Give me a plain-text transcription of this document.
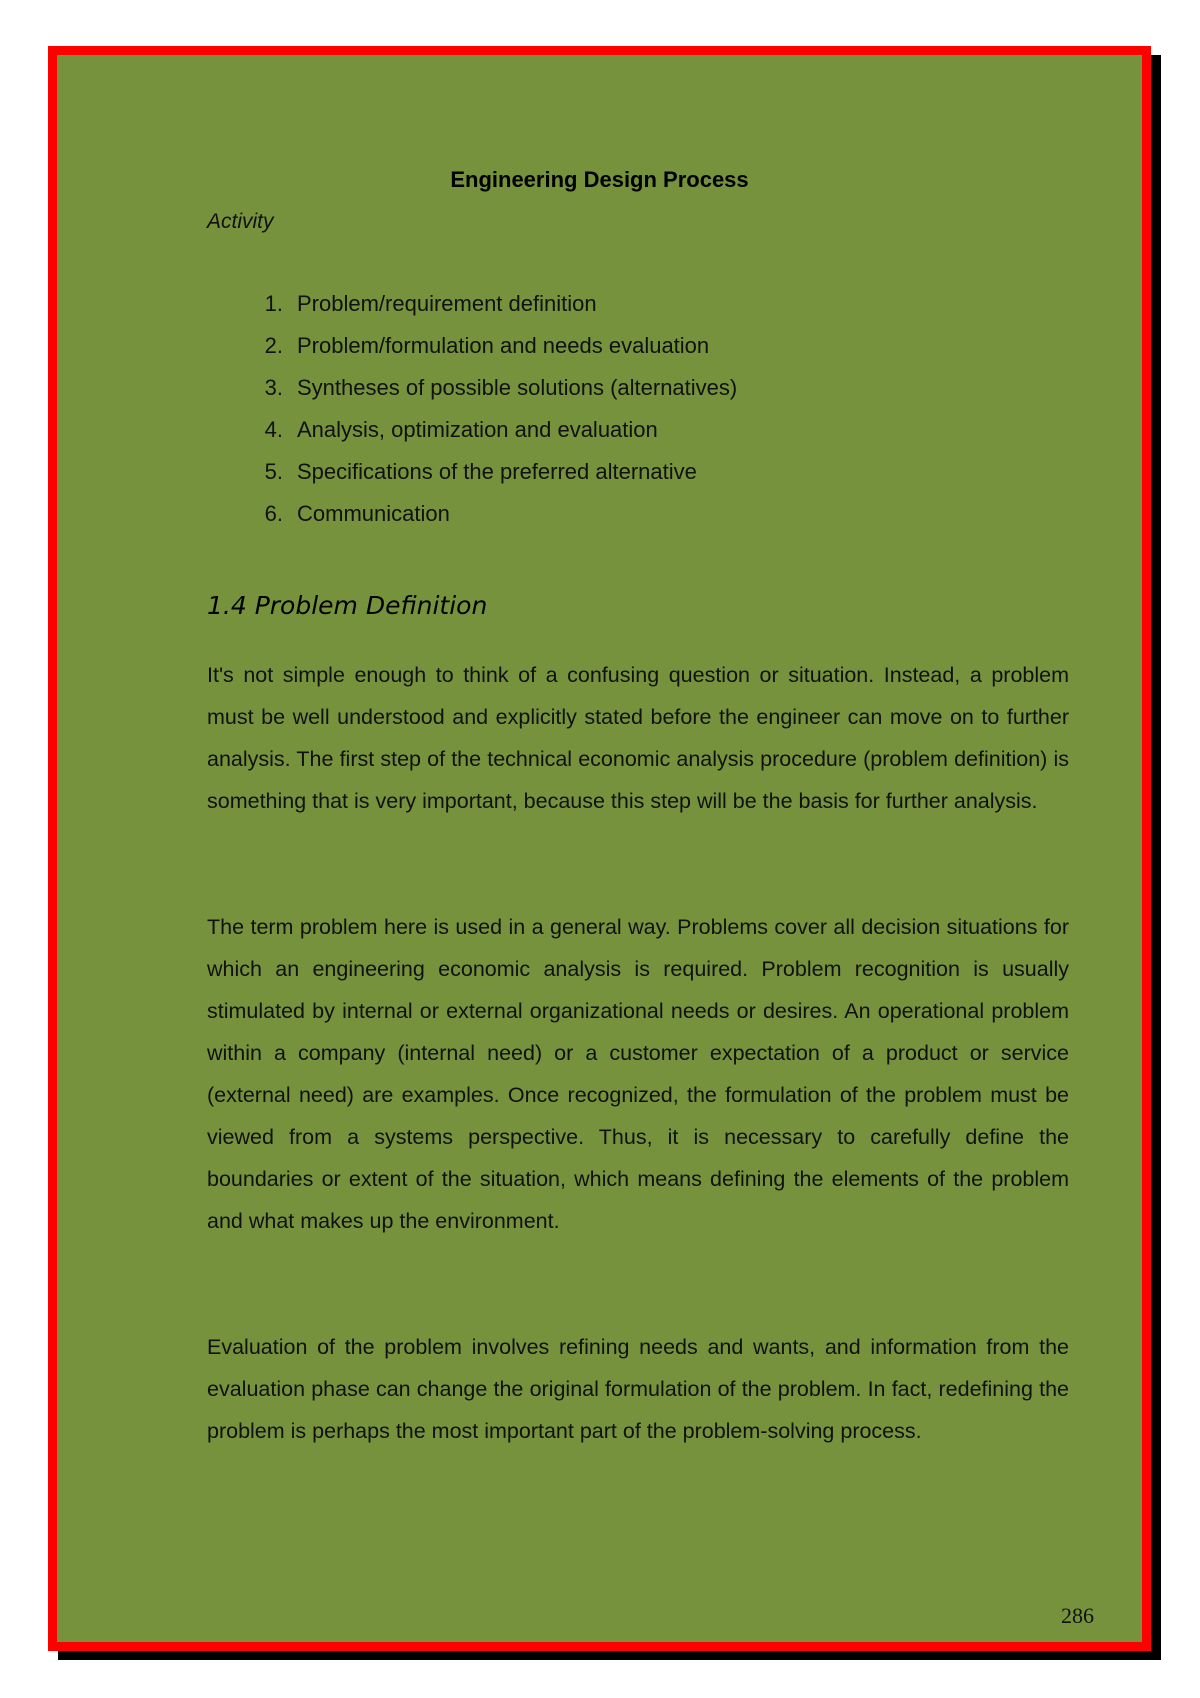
Engineering Design Process
Activity
1. Problem/requirement definition
2. Problem/formulation and needs evaluation
3. Syntheses of possible solutions (alternatives)
4. Analysis, optimization and evaluation
5. Specifications of the preferred alternative
6. Communication
1.4 Problem Definition

It's not simple enough to think of a confusing question or situation. Instead, a problem must be well understood and explicitly stated before the engineer can move on to further analysis. The first step of the technical economic analysis procedure (problem definition) is something that is very important, because this step will be the basis for further analysis.

The term problem here is used in a general way. Problems cover all decision situations for which an engineering economic analysis is required. Problem recognition is usually stimulated by internal or external organizational needs or desires. An operational problem within a company (internal need) or a customer expectation of a product or service (external need) are examples. Once recognized, the formulation of the problem must be viewed from a systems perspective. Thus, it is necessary to carefully define the boundaries or extent of the situation, which means defining the elements of the problem and what makes up the environment.

Evaluation of the problem involves refining needs and wants, and information from the evaluation phase can change the original formulation of the problem. In fact, redefining the problem is perhaps the most important part of the problem-solving process.

286
